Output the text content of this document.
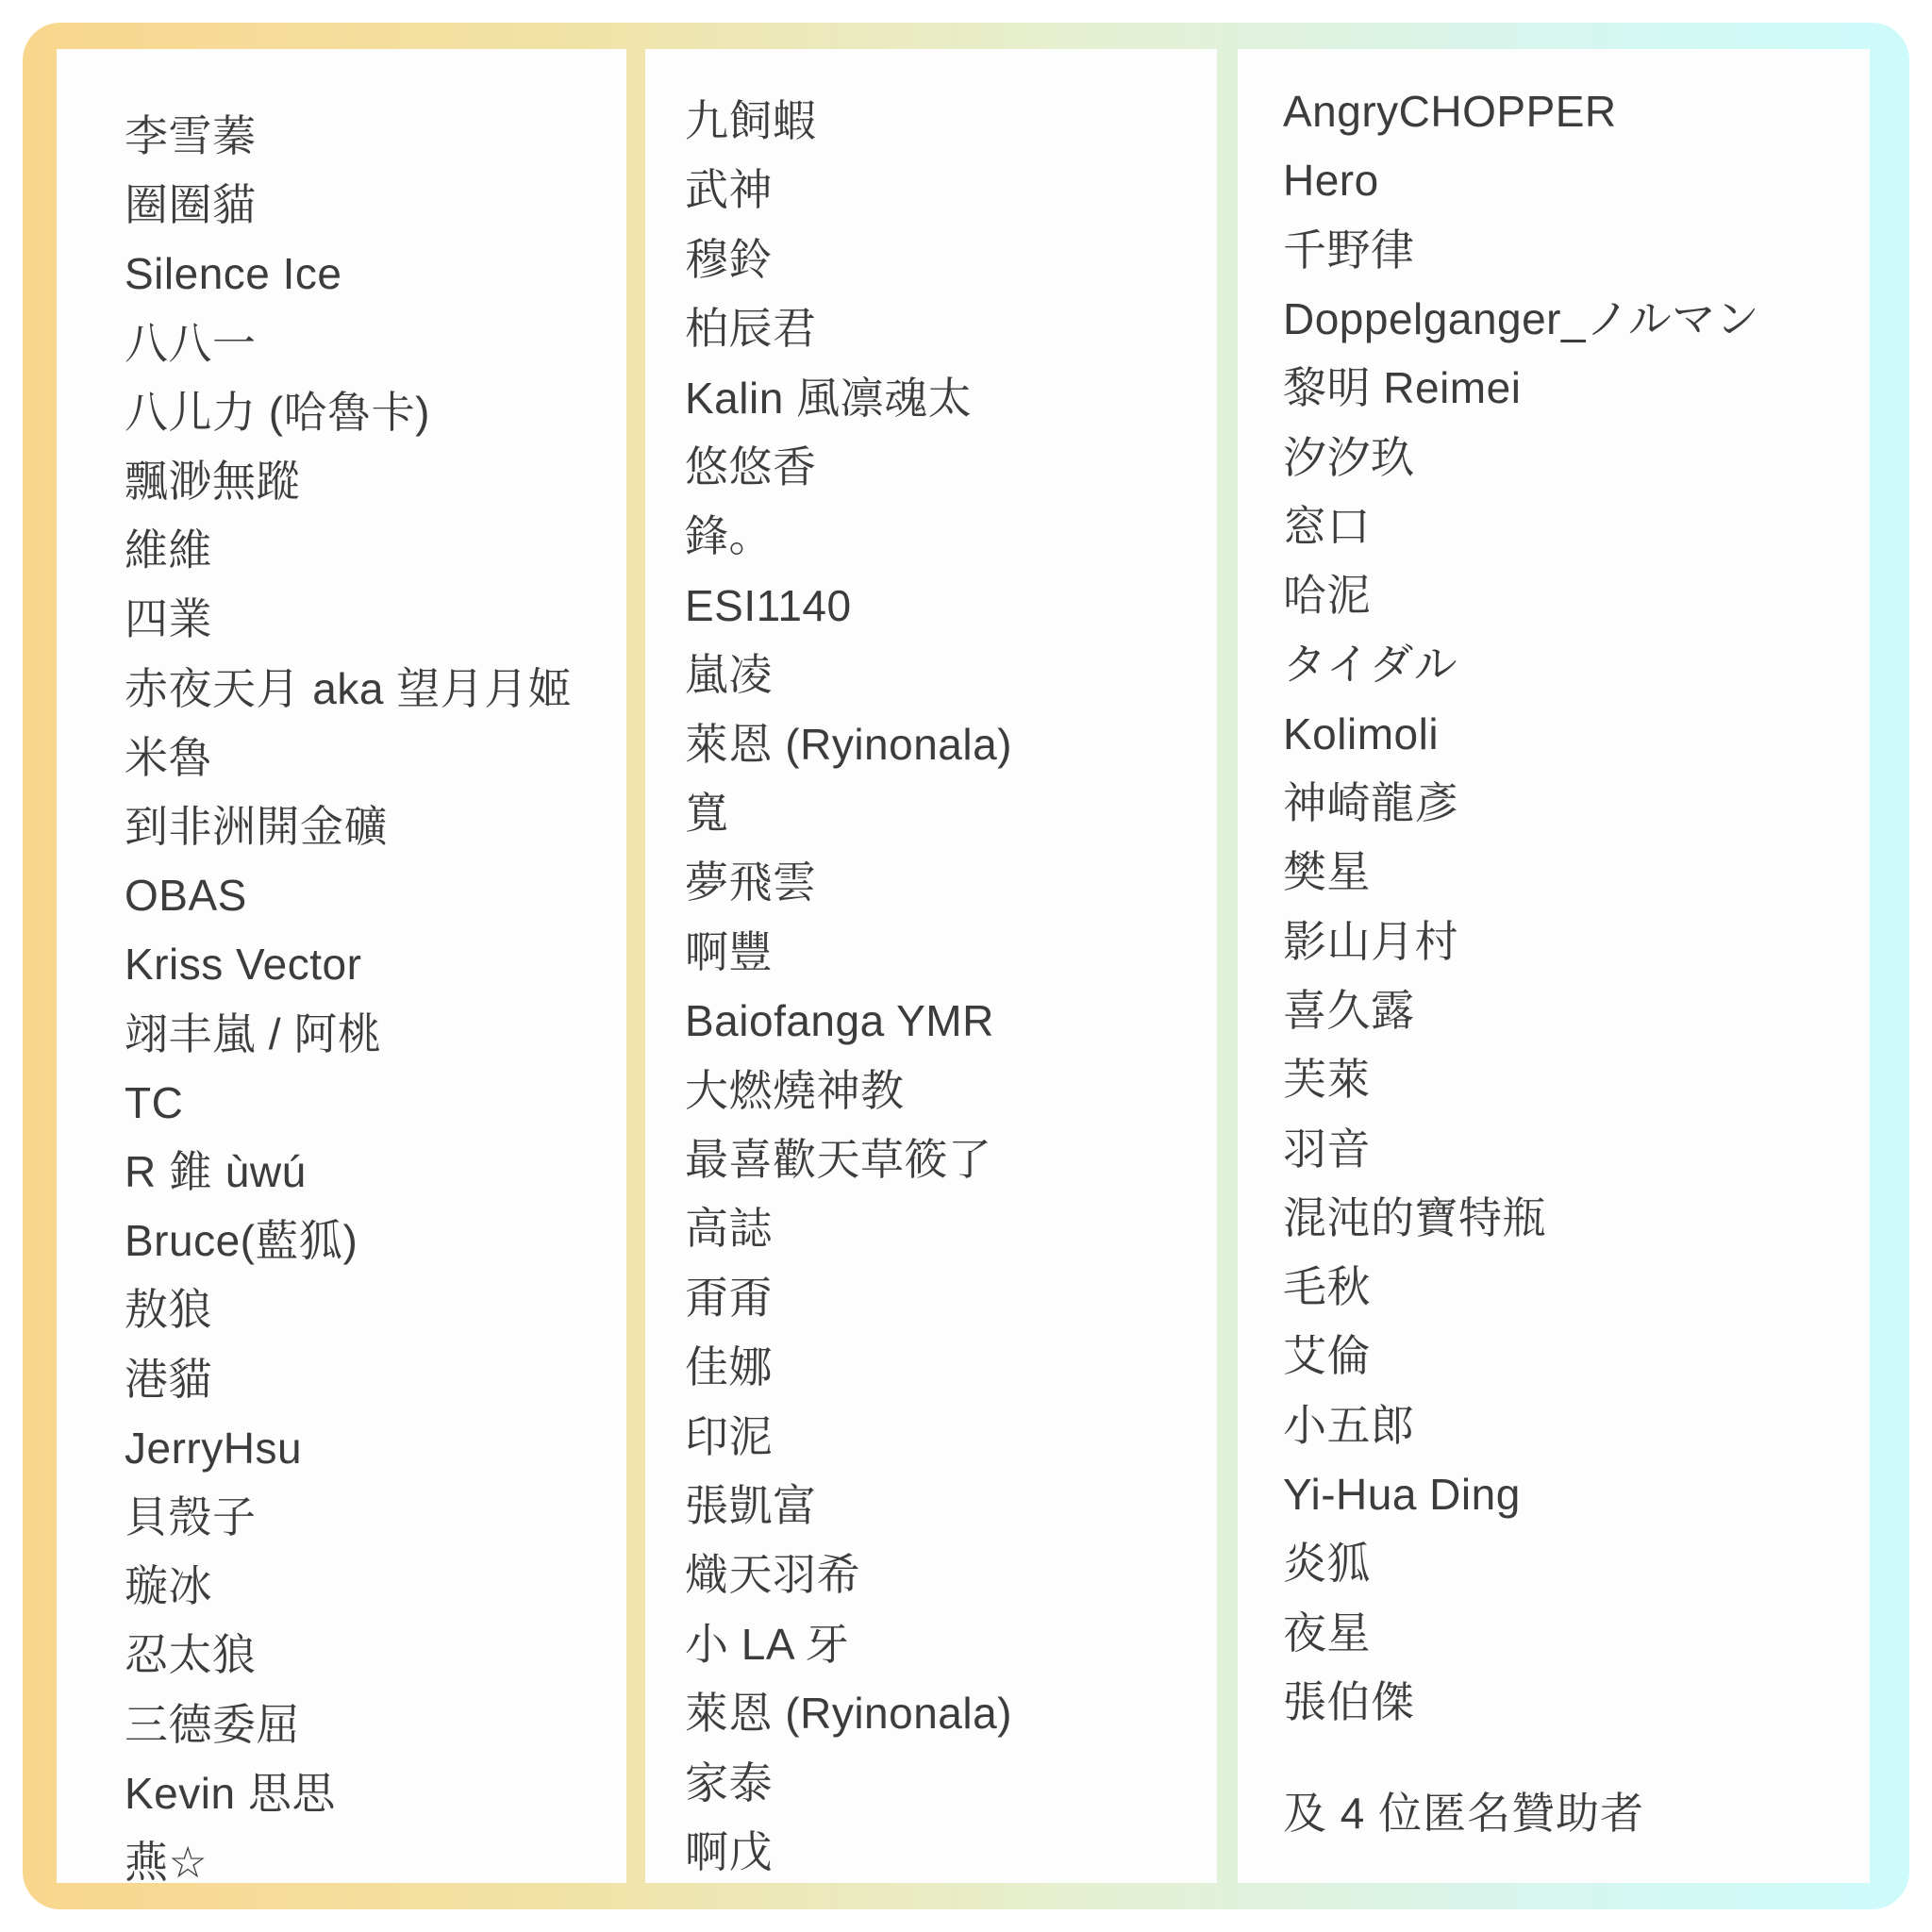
李雪蓁
圈圈貓
Silence Ice
八八一
八儿力 (哈魯卡)
飄渺無蹤
維維
四業
赤夜天月 aka 望月月姬
米魯
到非洲開金礦
OBAS
Kriss Vector
翊丰嵐 / 阿桃
TC
R 錐 ùwú
Bruce(藍狐)
敖狼
港貓
JerryHsu
貝殼子
璇冰
忍太狼
三德委屈
Kevin 思思
燕☆
九飼蝦
武神
穆鈴
柏辰君
Kalin 風凛魂太
悠悠香
鋒。
ESI1140
嵐凌
萊恩 (Ryinonala)
寬
夢飛雲
啊豐
Baiofanga YMR
大燃燒神教
最喜歡天草筱了
高誌
甭甭
佳娜
印泥
張凱富
熾天羽希
小 LA 牙
萊恩 (Ryinonala)
家泰
啊戊
AngryCHOPPER
Hero
千野律
Doppelganger_ノルマン
黎明 Reimei
汐汐玖
窓口
哈泥
タイダル
Kolimoli
神崎龍彥
樊星
影山月村
喜久露
芙萊
羽音
混沌的寶特瓶
毛秋
艾倫
小五郎
Yi-Hua Ding
炎狐
夜星
張伯傑
及 4 位匿名贊助者
